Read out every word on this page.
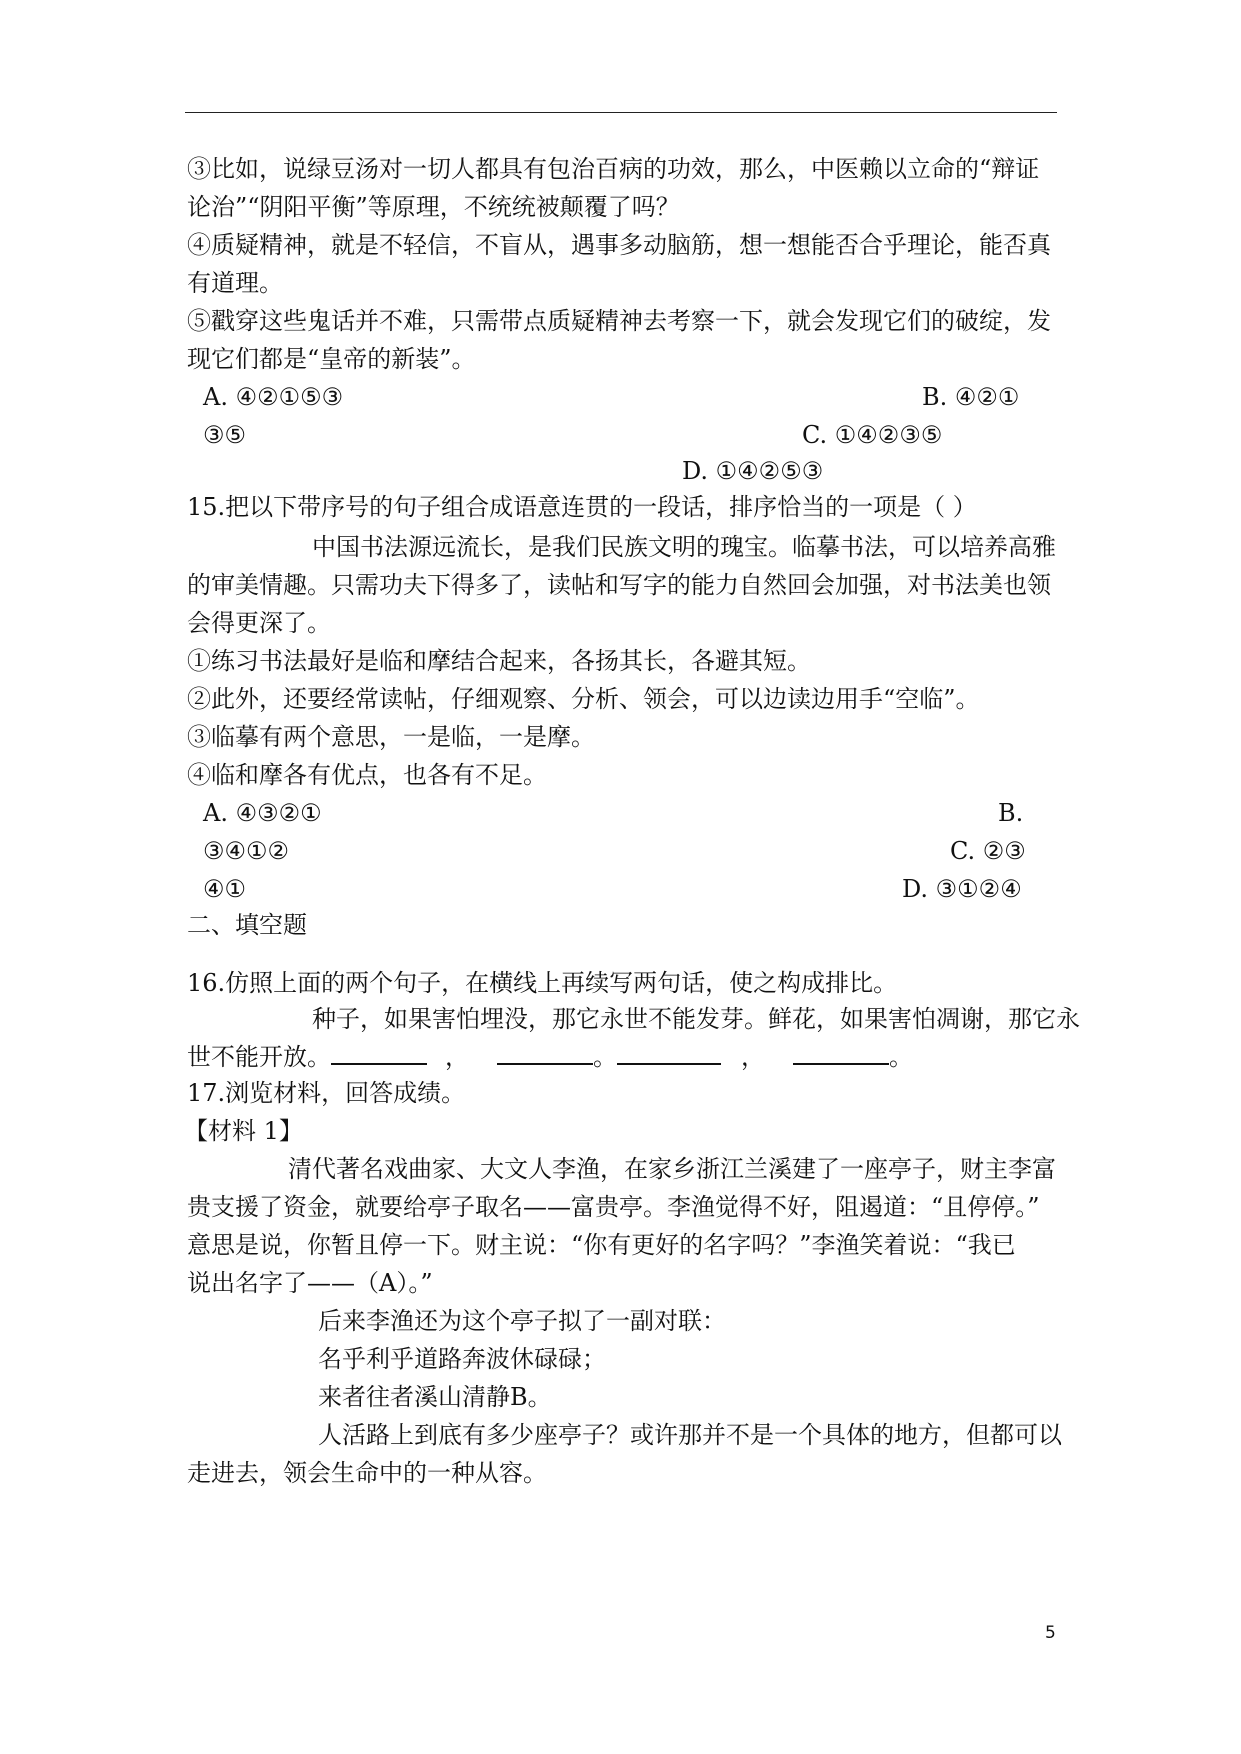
③比如，说绿豆汤对一切人都具有包治百病的功效，那么，中医赖以立命的“辩证
论治”“阴阳平衡”等原理，不统统被颠覆了吗？
④质疑精神，就是不轻信，不盲从，遇事多动脑筋，想一想能否合乎理论，能否真
有道理。
⑤戳穿这些鬼话并不难，只需带点质疑精神去考察一下，就会发现它们的破绽，发
现它们都是“皇帝的新装”。
A. ④②①⑤③	B. ④②①
③⑤	C. ①④②③⑤
D. ①④②⑤③
15.把以下带序号的句子组合成语意连贯的一段话，排序恰当的一项是（ ）
中国书法源远流长，是我们民族文明的瑰宝。临摹书法，可以培养高雅
的审美情趣。只需功夫下得多了，读帖和写字的能力自然回会加强，对书法美也领
会得更深了。
①练习书法最好是临和摩结合起来，各扬其长，各避其短。
②此外，还要经常读帖，仔细观察、分析、领会，可以边读边用手“空临”。
③临摹有两个意思，一是临，一是摩。
④临和摩各有优点，也各有不足。
A. ④③②①	B.
③④①②	C. ②③
④①	D. ③①②④
二、填空题
16.仿照上面的两个句子，在横线上再续写两句话，使之构成排比。
种子，如果害怕埋没，那它永世不能发芽。鲜花，如果害怕凋谢，那它永
世不能开放。	，	。	，	。
17.浏览材料，回答成绩。
【材料 1】
清代著名戏曲家、大文人李渔，在家乡浙江兰溪建了一座亭子，财主李富
贵支援了资金，就要给亭子取名——富贵亭。李渔觉得不好，阻遏道：“且停停。”
意思是说，你暂且停一下。财主说：“你有更好的名字吗？”李渔笑着说：“我已
说出名字了——（A）。”
后来李渔还为这个亭子拟了一副对联：
名乎利乎道路奔波休碌碌；
来者往者溪山清静B。
人活路上到底有多少座亭子？或许那并不是一个具体的地方，但都可以
走进去，领会生命中的一种从容。
5
